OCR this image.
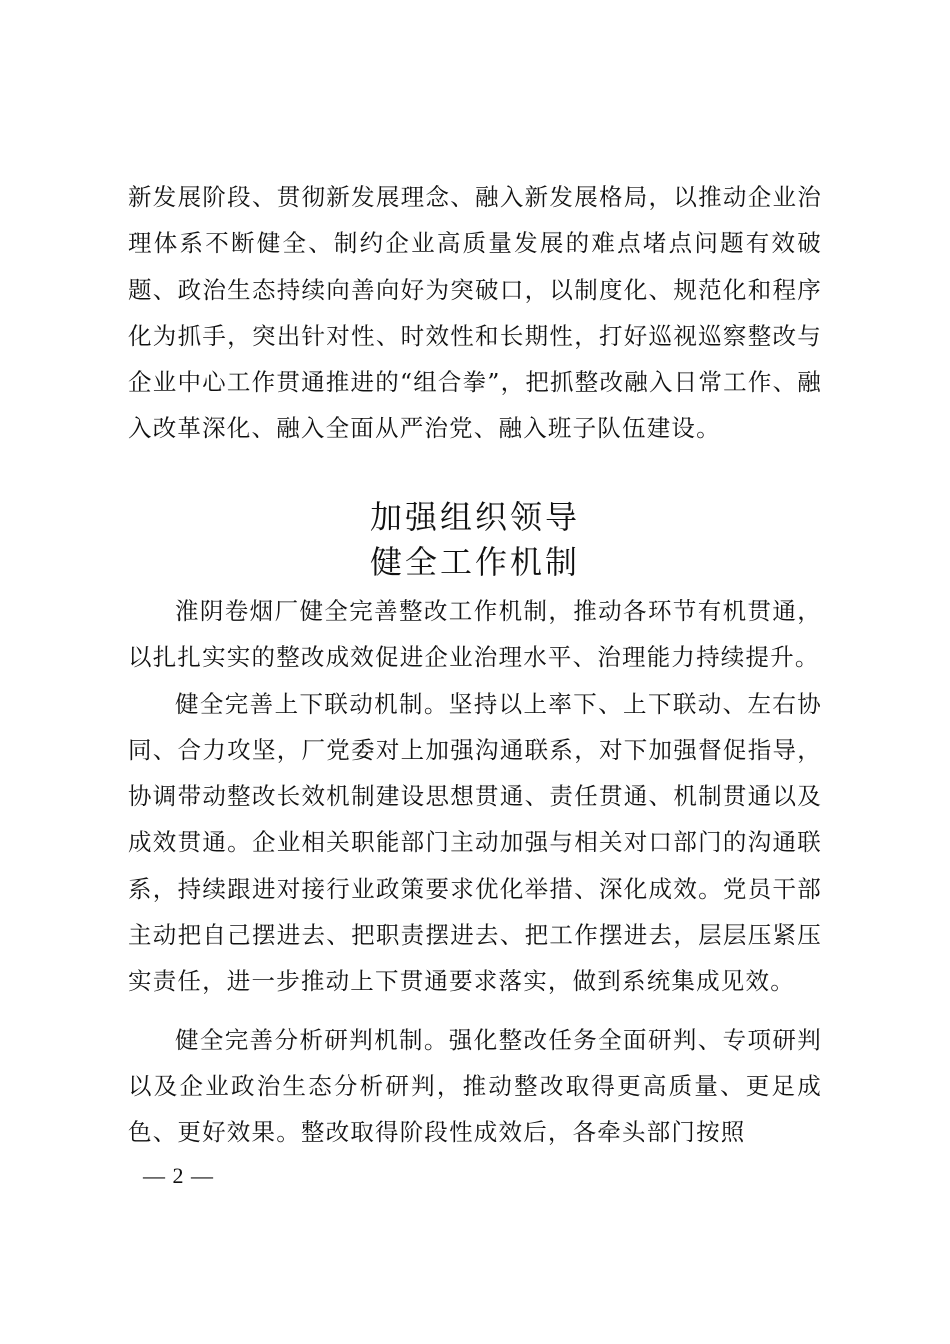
新发展阶段、贯彻新发展理念、融入新发展格局，以推动企业治理体系不断健全、制约企业高质量发展的难点堵点问题有效破题、政治生态持续向善向好为突破口，以制度化、规范化和程序化为抓手，突出针对性、时效性和长期性，打好巡视巡察整改与企业中心工作贯通推进的“组合拳”，把抓整改融入日常工作、融入改革深化、融入全面从严治党、融入班子队伍建设。
加强组织领导
健全工作机制

淮阴卷烟厂健全完善整改工作机制，推动各环节有机贯通，以扎扎实实的整改成效促进企业治理水平、治理能力持续提升。

健全完善上下联动机制。坚持以上率下、上下联动、左右协同、合力攻坚，厂党委对上加强沟通联系，对下加强督促指导，协调带动整改长效机制建设思想贯通、责任贯通、机制贯通以及成效贯通。企业相关职能部门主动加强与相关对口部门的沟通联系，持续跟进对接行业政策要求优化举措、深化成效。党员干部主动把自己摆进去、把职责摆进去、把工作摆进去，层层压紧压实责任，进一步推动上下贯通要求落实，做到系统集成见效。

健全完善分析研判机制。强化整改任务全面研判、专项研判以及企业政治生态分析研判，推动整改取得更高质量、更足成色、更好效果。整改取得阶段性成效后，各牵头部门按照

— 2 —
